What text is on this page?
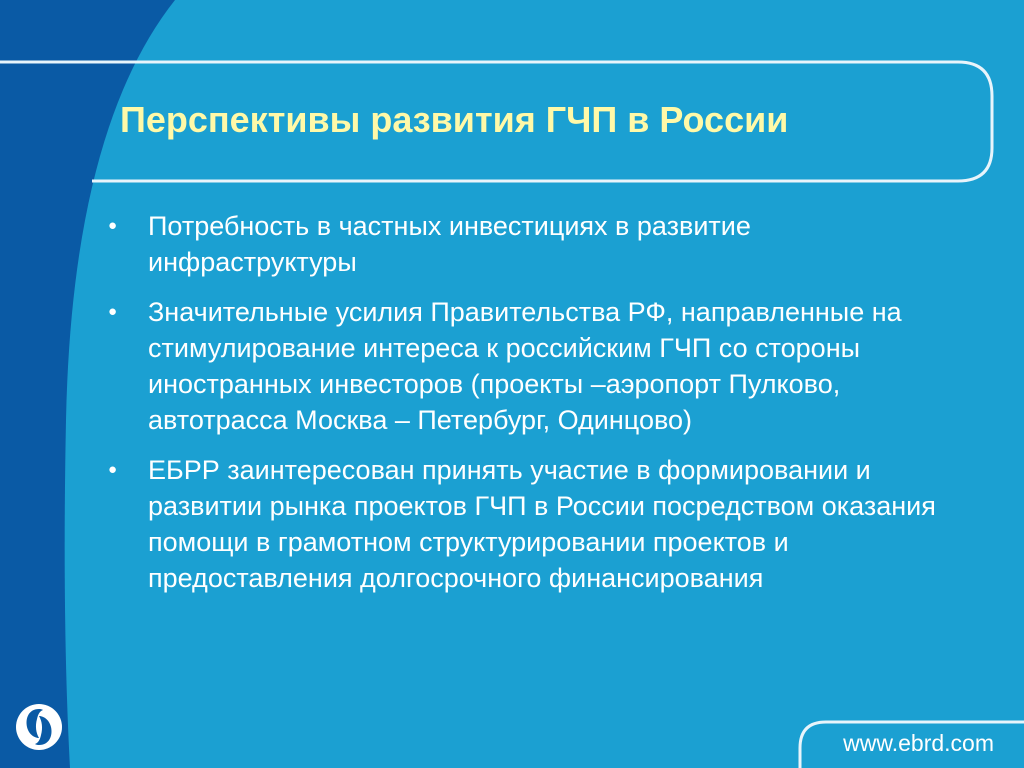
Перспективы развития ГЧП в России
● Потребность в частных инвестициях в развитие инфраструктуры
● Значительные усилия Правительства РФ, направленные на стимулирование интереса к российским ГЧП со стороны иностранных инвесторов (проекты –аэропорт Пулково, автотрасса Москва – Петербург, Одинцово)
● ЕБРР заинтересован принять участие в формировании и развитии рынка проектов ГЧП в России посредством оказания помощи в грамотном структурировании проектов и предоставления долгосрочного финансирования
www.ebrd.com
